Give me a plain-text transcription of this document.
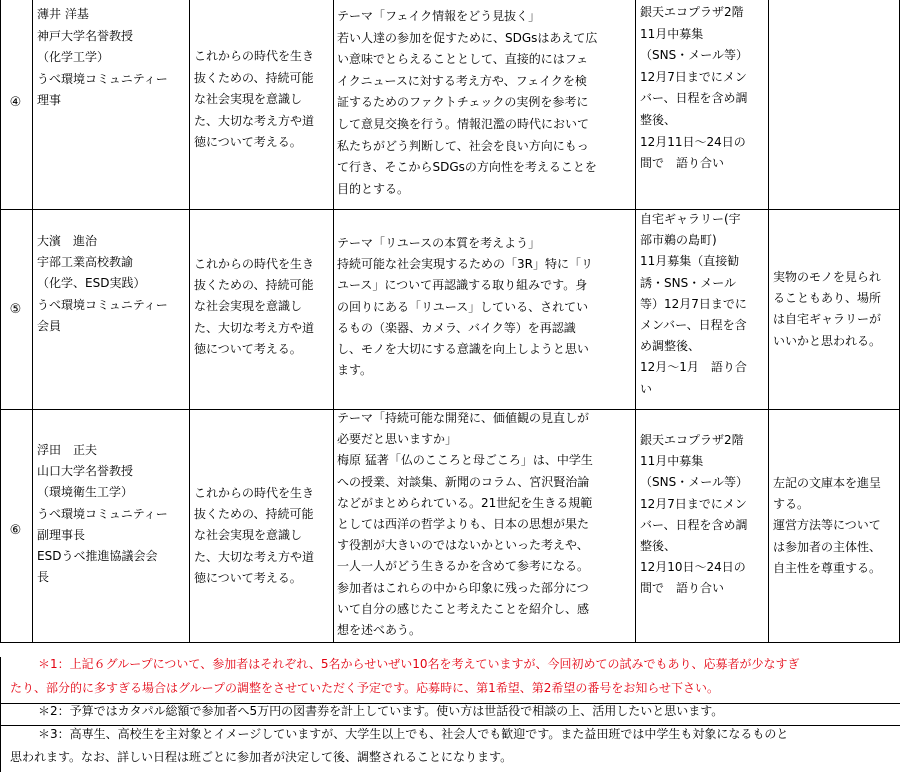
④
薄井 洋基
神戸大学名誉教授
（化学工学）
うべ環境コミュニティー
理事
これからの時代を生き
抜くための、持続可能
な社会実現を意識し
た、大切な考え方や道
徳について考える。
テーマ「フェイク情報をどう見抜く」
若い人達の参加を促すために、SDGsはあえて広
い意味でとらえることとして、直接的にはフェ
イクニュースに対する考え方や、フェイクを検
証するためのファクトチェックの実例を参考に
して意見交換を行う。情報氾濫の時代において
私たちがどう判断して、社会を良い方向にもっ
て行き、そこからSDGsの方向性を考えることを
目的とする。
銀天エコプラザ2階
11月中募集
（SNS・メール等）
12月7日までにメン
バー、日程を含め調
整後、
12月11日～24日の
間で　語り合い
⑤
大濱　進治
宇部工業高校教諭
（化学、ESD実践）
うべ環境コミュニティー
会員
これからの時代を生き
抜くための、持続可能
な社会実現を意識し
た、大切な考え方や道
徳について考える。
テーマ「リユースの本質を考えよう」
持続可能な社会実現するための「3R」特に「リ
ユース」について再認識する取り組みです。身
の回りにある「リユース」している、されてい
るもの（楽器、カメラ、バイク等）を再認識
し、モノを大切にする意識を向上しようと思い
ます。
自宅ギャラリー(宇
部市鵜の島町)
11月募集（直接勧
誘・SNS・メール
等）12月7日までに
メンバー、日程を含
め調整後、
12月～1月　語り合
い
実物のモノを見られ
ることもあり、場所
は自宅ギャラリーが
いいかと思われる。
⑥
浮田　正夫
山口大学名誉教授
（環境衛生工学）
うべ環境コミュニティー
副理事長
ESDうべ推進協議会会
長
これからの時代を生き
抜くための、持続可能
な社会実現を意識し
た、大切な考え方や道
徳について考える。
テーマ「持続可能な開発に、価値観の見直しが
必要だと思いますか」
梅原 猛著「仏のこころと母ごころ」は、中学生
への授業、対談集、新聞のコラム、宮沢賢治論
などがまとめられている。21世紀を生きる規範
としては西洋の哲学よりも、日本の思想が果た
す役割が大きいのではないかといった考えや、
一人一人がどう生きるかを含めて参考になる。
参加者はこれらの中から印象に残った部分につ
いて自分の感じたこと考えたことを紹介し、感
想を述べあう。
銀天エコプラザ2階
11月中募集
（SNS・メール等）
12月7日までにメン
バー、日程を含め調
整後、
12月10日～24日の
間で　語り合い
左記の文庫本を進呈
する。
運営方法等について
は参加者の主体性、
自主性を尊重する。
＊1：上記６グループについて、参加者はそれぞれ、5名からせいぜい10名を考えていますが、今回初めての試みでもあり、応募者が少なすぎ
たり、部分的に多すぎる場合はグループの調整をさせていただく予定です。応募時に、第1希望、第2希望の番号をお知らせ下さい。
＊2：予算ではカタパル総額で参加者へ5万円の図書券を計上しています。使い方は世話役で相談の上、活用したいと思います。
＊3：高専生、高校生を主対象とイメージしていますが、大学生以上でも、社会人でも歓迎です。また益田班では中学生も対象になるものと
思われます。なお、詳しい日程は班ごとに参加者が決定して後、調整されることになります。
